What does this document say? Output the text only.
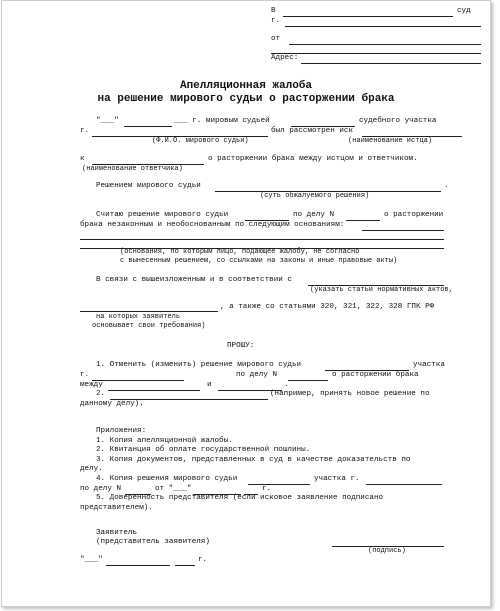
В	суд
г.
от
Адрес:
Апелляционная жалоба
на решение мирового судьи о расторжении брака
"___"	___ г. мировым судьей	судебного участка
г.	был рассмотрен иск
(Ф.И.О. мирового судьи)	(наименование истца)
к	о расторжении брака между истцом и ответчиком.
(наименование ответчика)
Решением мирового судьи	.
(суть обжалуемого решения)
Считаю решение мирового судьи	по делу N	о расторжении
брака незаконным и необоснованным по следующим основаниям:
(основания, по которым лицо, подающее жалобу, не согласно
с вынесенным решением, со ссылками на законы и иные правовые акты)
В связи с вышеизложенным и в соответствии с
(указать статьи нормативных актов,
, а также со статьями 320, 321, 322, 328 ГПК РФ
на которых заявитель
основывает свои требования)
ПРОШУ:
1. Отменить (изменить) решение мирового судьи	участка
г.	по делу N	о расторжении брака
между	и	.
2.	(например, принять новое решение по
данному делу).
Приложения:
1. Копия апелляционной жалобы.
2. Квитанция об оплате государственной пошлины.
3. Копия документов, представленных в суд в качестве доказательств по
делу.
4. Копия решения мирового судьи	участка г.
по делу N	от "___"	г.
5. Доверенность представителя (если исковое заявление подписано
представителем).
Заявитель
(представитель заявителя)
(подпись)
"___"	г.
